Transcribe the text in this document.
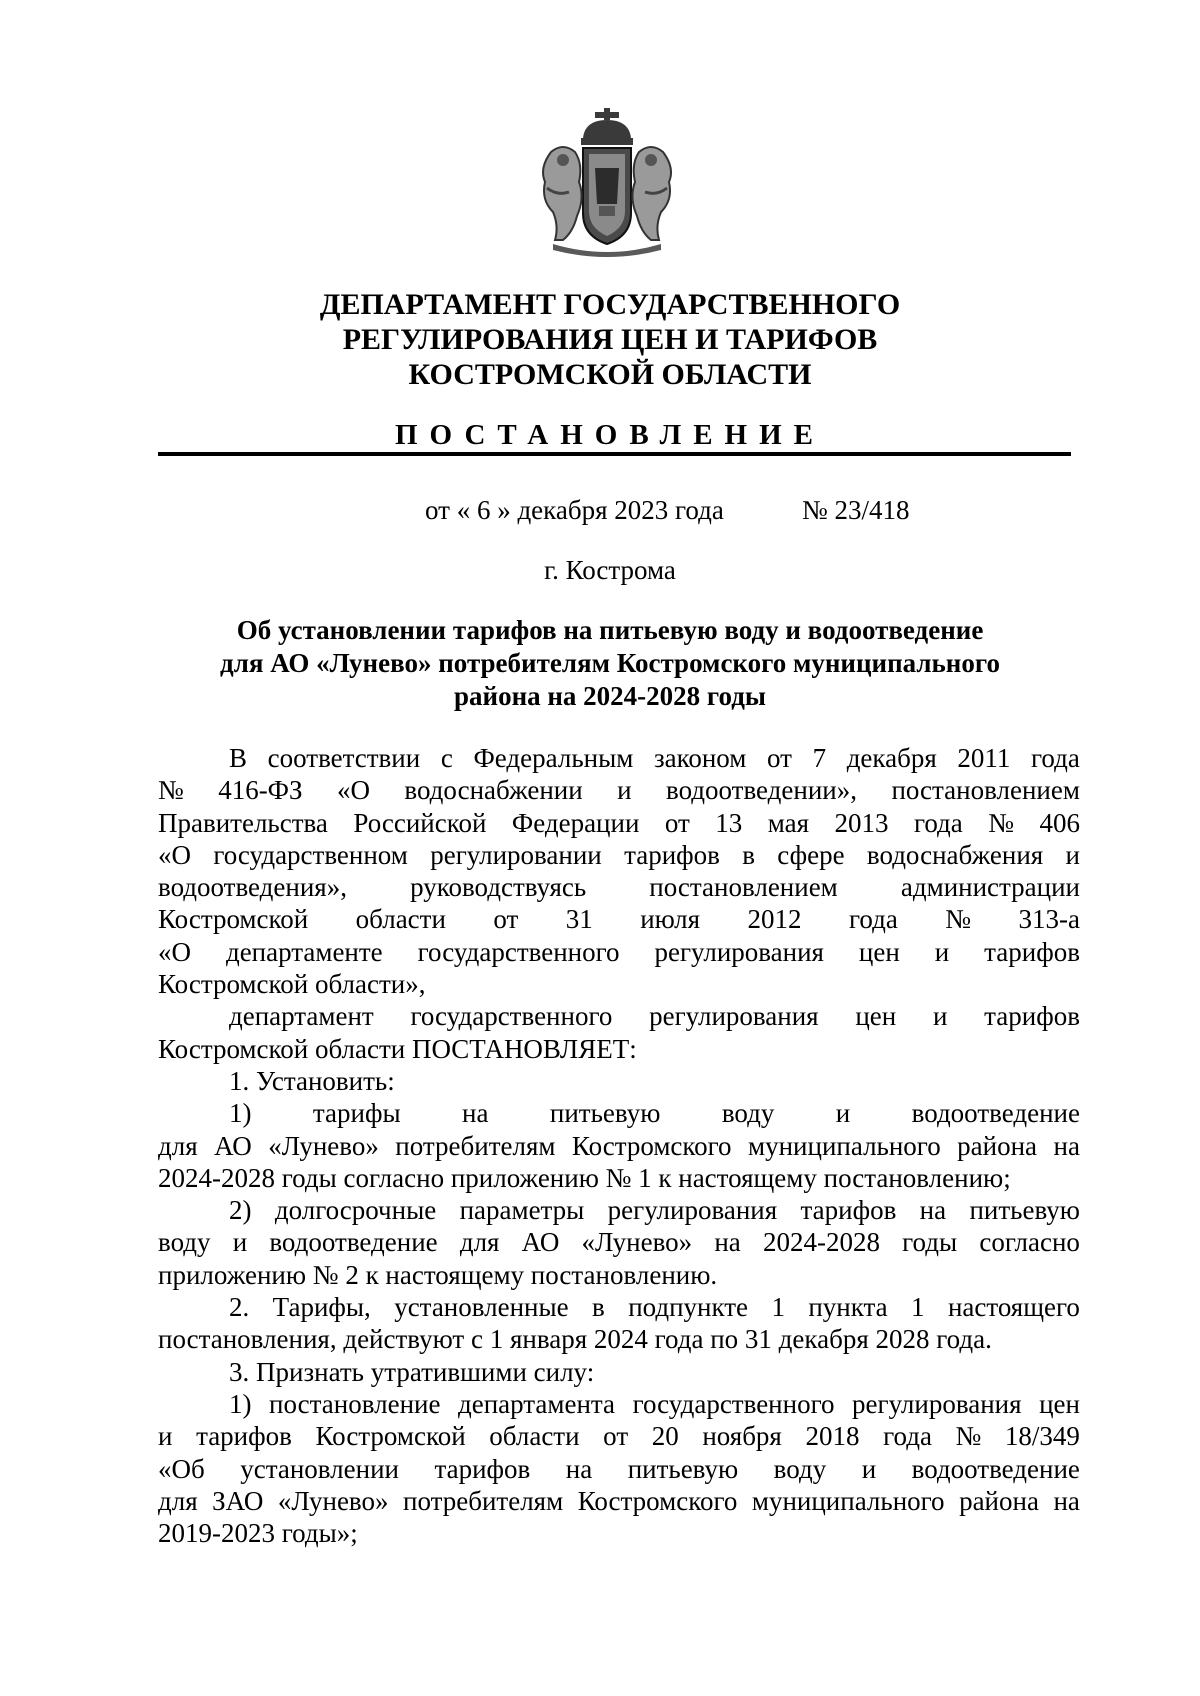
ДЕПАРТАМЕНТ ГОСУДАРСТВЕННОГО
РЕГУЛИРОВАНИЯ ЦЕН И ТАРИФОВ
КОСТРОМСКОЙ ОБЛАСТИ
ПОСТАНОВЛЕНИЕ
от « 6 » декабря 2023 года	№ 23/418
г. Кострома
Об установлении тарифов на питьевую воду и водоотведение
для АО «Лунево» потребителям Костромского муниципального
района на 2024-2028 годы
В соответствии с Федеральным законом от 7 декабря 2011 года
№ 416-ФЗ «О водоснабжении и водоотведении», постановлением
Правительства Российской Федерации от 13 мая 2013 года № 406
«О государственном регулировании тарифов в сфере водоснабжения и
водоотведения», руководствуясь постановлением администрации
Костромской области от 31 июля 2012 года № 313-а
«О департаменте государственного регулирования цен и тарифов
Костромской области»,
департамент государственного регулирования цен и тарифов
Костромской области ПОСТАНОВЛЯЕТ:
1. Установить:
1) тарифы на питьевую воду и водоотведение
для АО «Лунево» потребителям Костромского муниципального района на
2024-2028 годы согласно приложению № 1 к настоящему постановлению;
2) долгосрочные параметры регулирования тарифов на питьевую
воду и водоотведение для АО «Лунево» на 2024-2028 годы согласно
приложению № 2 к настоящему постановлению.
2. Тарифы, установленные в подпункте 1 пункта 1 настоящего
постановления, действуют с 1 января 2024 года по 31 декабря 2028 года.
3. Признать утратившими силу:
1) постановление департамента государственного регулирования цен
и тарифов Костромской области от 20 ноября 2018 года № 18/349
«Об установлении тарифов на питьевую воду и водоотведение
для ЗАО «Лунево» потребителям Костромского муниципального района на
2019-2023 годы»;
